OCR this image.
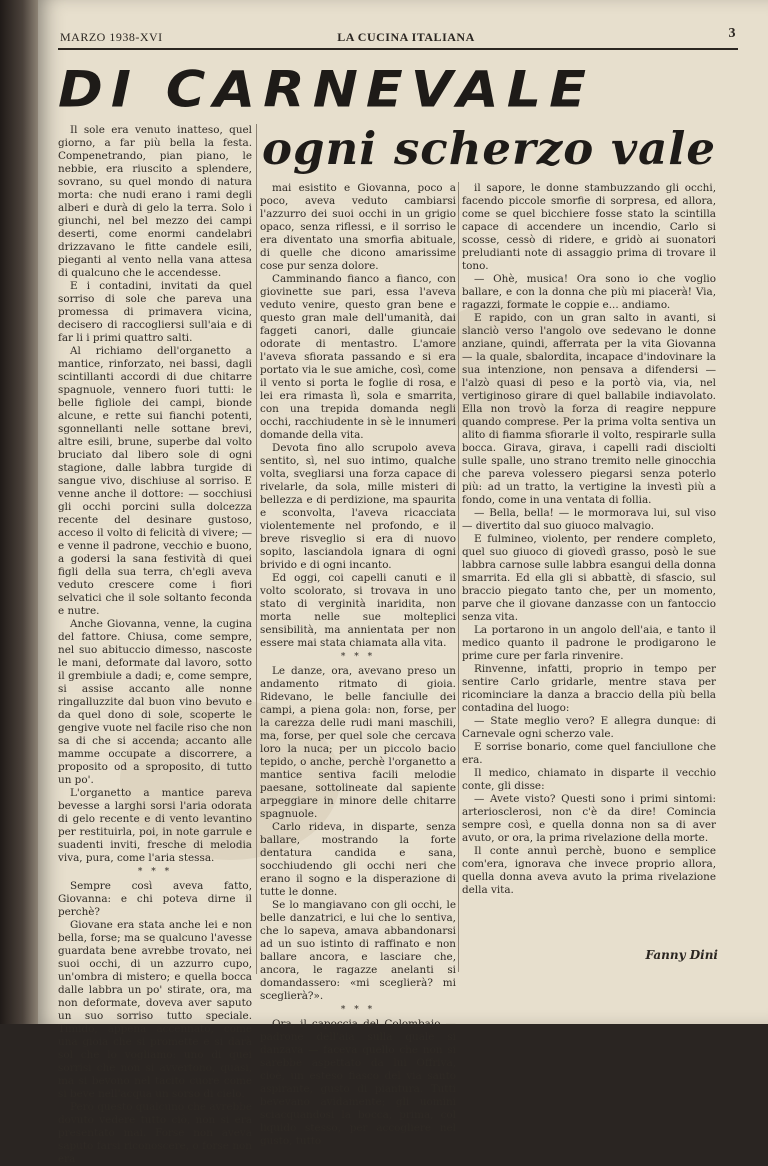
MARZO 1938-XVI	LA CUCINA ITALIANA	3
DI CARNEVALE
ogni scherzo vale

Il sole era venuto inatteso, quel giorno, a far più bella la festa. Compenetrando, pian piano, le nebbie, era riuscito a splendere, sovrano, su quel mondo di natura morta: che nudi erano i rami degli alberi e durà di gelo la terra. Solo i giunchi, nel bel mezzo dei campi deserti, come enormi candelabri drizzavano le fitte candele esili, pieganti al vento nella vana attesa di qualcuno che le accendesse.

E i contadini, invitati da quel sorriso di sole che pareva una promessa di primavera vicina, decisero di raccogliersi sull'aia e di far li i primi quattro salti.

Al richiamo dell'organetto a mantice, rinforzato, nei bassi, dagli scintillanti accordi di due chitarre spagnuole, vennero fuori tutti: le belle figliole dei campi, bionde alcune, e rette sui fianchi potenti, sgonnellanti nelle sottane brevi, altre esili, brune, superbe dal volto bruciato dal libero sole di ogni stagione, dalle labbra turgide di sangue vivo, dischiuse al sorriso. E venne anche il dottore: — socchiusi gli occhi porcini sulla dolcezza recente del desinare gustoso, acceso il volto di felicità di vivere; — e venne il padrone, vecchio e buono, a godersi la sana festività di quei figli della sua terra, ch'egli aveva veduto crescere come i fiori selvatici che il sole soltanto feconda e nutre.

Anche Giovanna, venne, la cugina del fattore. Chiusa, come sempre, nel suo abituccio dimesso, nascoste le mani, deformate dal lavoro, sotto il grembiule a dadi; e, come sempre, si assise accanto alle nonne ringalluzzite dal buon vino bevuto e da quel dono di sole, scoperte le gengive vuote nel facile riso che non sa di che si accenda; accanto alle mamme occupate a discorrere, a proposito od a sproposito, di tutto un po'.

L'organetto a mantice pareva bevesse a larghi sorsi l'aria odorata di gelo recente e di vento levantino per restituirla, poi, in note garrule e suadenti inviti, fresche di melodia viva, pura, come l'aria stessa.

* * *

Sempre così aveva fatto, Giovanna: e chi poteva dirne il perchè?

Giovane era stata anche lei e non bella, forse; ma se qualcuno l'avesse guardata bene avrebbe trovato, nei suoi occhi, di un azzurro cupo, un'ombra di mistero; e quella bocca dalle labbra un po' stirate, ora, ma non deformate, doveva aver saputo un suo sorriso tutto speciale. Timido, appena accennato, come una gioia che si promette e si darà sol che lo vogliamo: uno di quei sorrisi che non si avvertono, quasi, ma si bevono nel tacito cuore come si beve nell'acqua un sorso di cielo.

Però questo qualcuno che avrebbe dovuto vedere tutto ciò, non si era presentato mai. Forse non aveva saputo farsi riconoscere, o forse non era

mai esistito e Giovanna, poco a poco, aveva veduto cambiarsi l'azzurro dei suoi occhi in un grigio opaco, senza riflessi, e il sorriso le era diventato una smorfia abituale, di quelle che dicono amarissime cose pur senza dolore.

Camminando fianco a fianco, con giovinette sue pari, essa l'aveva veduto venire, questo gran bene e questo gran male dell'umanità, dai faggeti canori, dalle giuncaie odorate di mentastro. L'amore l'aveva sfiorata passando e si era portato via le sue amiche, così, come il vento si porta le foglie di rosa, e lei era rimasta lì, sola e smarrita, con una trepida domanda negli occhi, racchiudente in sè le innumeri domande della vita.

Devota fino allo scrupolo aveva sentito, sì, nel suo intimo, qualche volta, svegliarsi una forza capace di rivelarle, da sola, mille misteri di bellezza e di perdizione, ma spaurita e sconvolta, l'aveva ricacciata violentemente nel profondo, e il breve risveglio si era di nuovo sopito, lasciandola ignara di ogni brivido e di ogni incanto.

Ed oggi, coi capelli canuti e il volto scolorato, si trovava in uno stato di verginità inaridita, non morta nelle sue molteplici sensibilità, ma annientata per non essere mai stata chiamata alla vita.

* * *

Le danze, ora, avevano preso un andamento ritmato di gioia. Ridevano, le belle fanciulle dei campi, a piena gola: non, forse, per la carezza delle rudi mani maschili, ma, forse, per quel sole che cercava loro la nuca; per un piccolo bacio tepido, o anche, perchè l'organetto a mantice sentiva facili melodie paesane, sottolineate dal sapiente arpeggiare in minore delle chitarre spagnuole.

Carlo rideva, in disparte, senza ballare, mostrando la forte dentatura candida e sana, socchiudendo gli occhi neri che erano il sogno e la disperazione di tutte le donne.

Se lo mangiavano con gli occhi, le belle danzatrici, e lui che lo sentiva, che lo sapeva, amava abbandonarsi ad un suo istinto di raffinato e non ballare ancora, e lasciare che, ancora, le ragazze anelanti si domandassero: «mi sceglierà? mi sceglierà?».

* * *

Ora, il capoccia del Colombaio — padrone dell'aia sulla quale si danzava — faceva quello che non si sarebbe aspettato da lui Offriva, cioè, un esteso fiasco del via santo aspirante, gusto di piantura. Tutti bevevano avidamente; gli uomini sciacquandosi la bocca, prima, col liquido stesso, per accogliere nel gusto, tutto

il sapore, le donne stambuzzando gli occhi, facendo piccole smorfie di sorpresa, ed allora, come se quel bicchiere fosse stato la scintilla capace di accendere un incendio, Carlo si scosse, cessò di ridere, e gridò ai suonatori preludianti note di assaggio prima di trovare il tono.

— Ohè, musica! Ora sono io che voglio ballare, e con la donna che più mi piacerà! Via, ragazzi, formate le coppie e... andiamo.

E rapido, con un gran salto in avanti, si slanciò verso l'angolo ove sedevano le donne anziane, quindi, afferrata per la vita Giovanna — la quale, sbalordita, incapace d'indovinare la sua intenzione, non pensava a difendersi — l'alzò quasi di peso e la portò via, via, nel vertiginoso girare di quel ballabile indiavolato. Ella non trovò la forza di reagire neppure quando comprese. Per la prima volta sentiva un alito di fiamma sfiorarle il volto, respirarle sulla bocca. Girava, girava, i capelli radi disciolti sulle spalle, uno strano tremito nelle ginocchia che pareva volessero piegarsi senza poterlo più: ad un tratto, la vertigine la investì più a fondo, come in una ventata di follia.

— Bella, bella! — le mormorava lui, sul viso — divertito dal suo giuoco malvagio.

E fulmineo, violento, per rendere completo, quel suo giuoco di giovedì grasso, posò le sue labbra carnose sulle labbra esangui della donna smarrita. Ed ella gli si abbattè, di sfascio, sul braccio piegato tanto che, per un momento, parve che il giovane danzasse con un fantoccio senza vita.

La portarono in un angolo dell'aia, e tanto il medico quanto il padrone le prodigarono le prime cure per farla rinvenire.

Rinvenne, infatti, proprio in tempo per sentire Carlo gridarle, mentre stava per ricominciare la danza a braccio della più bella contadina del luogo:

— State meglio vero? E allegra dunque: di Carnevale ogni scherzo vale.

E sorrise bonario, come quel fanciullone che era.

Il medico, chiamato in disparte il vecchio conte, gli disse:

— Avete visto? Questi sono i primi sintomi: arteriosclerosi, non c'è da dire! Comincia sempre così, e quella donna non sa di aver avuto, or ora, la prima rivelazione della morte.

Il conte annuì perchè, buono e semplice com'era, ignorava che invece proprio allora, quella donna aveva avuto la prima rivelazione della vita.

Fanny Dini
